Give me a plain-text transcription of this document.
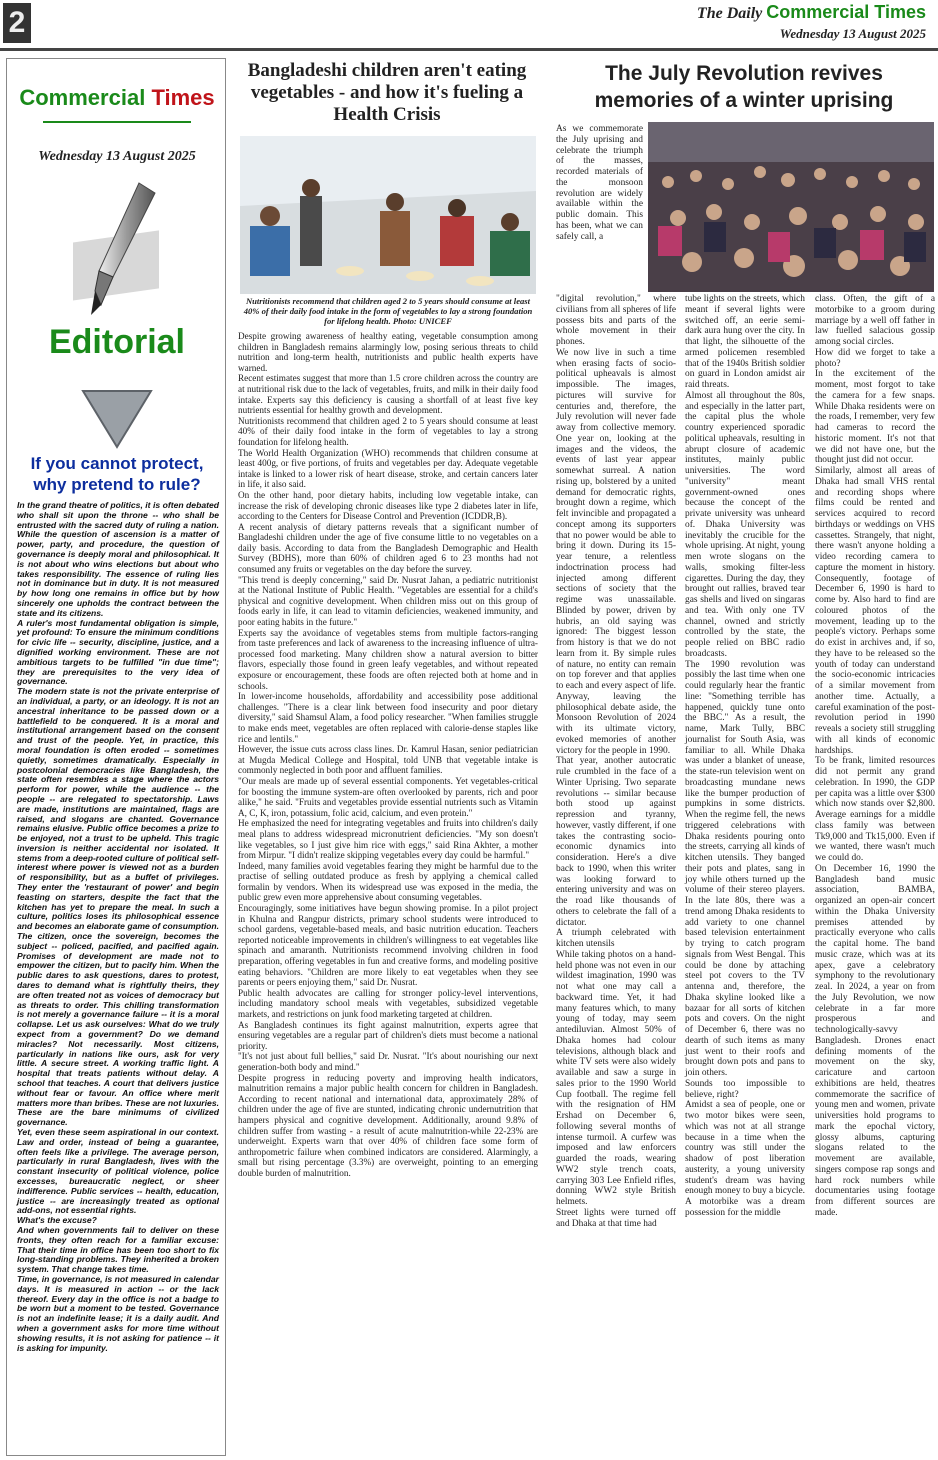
2	The Daily Commercial Times
Wednesday 13 August 2025
Commercial Times
Wednesday 13 August 2025
Editorial
If you cannot protect, why pretend to rule?

In the grand theatre of politics, it is often debated who shall sit upon the throne -- who shall be entrusted with the sacred duty of ruling a nation. While the question of ascension is a matter of power, party, and procedure, the question of governance is deeply moral and philosophical. It is not about who wins elections but about who takes responsibility. The essence of ruling lies not in dominance but in duty. It is not measured by how long one remains in office but by how sincerely one upholds the contract between the state and its citizens.

A ruler's most fundamental obligation is simple, yet profound: To ensure the minimum conditions for civic life -- security, discipline, justice, and a dignified working environment. These are not ambitious targets to be fulfilled "in due time"; they are prerequisites to the very idea of governance.

The modern state is not the private enterprise of an individual, a party, or an ideology. It is not an ancestral inheritance to be passed down or a battlefield to be conquered. It is a moral and institutional arrangement based on the consent and trust of the people. Yet, in practice, this moral foundation is often eroded -- sometimes quietly, sometimes dramatically. Especially in postcolonial democracies like Bangladesh, the state often resembles a stage where the actors perform for power, while the audience -- the people -- are relegated to spectatorship. Laws are made, institutions are maintained, flags are raised, and slogans are chanted. Governance remains elusive. Public office becomes a prize to be enjoyed, not a trust to be upheld. This tragic inversion is neither accidental nor isolated. It stems from a deep-rooted culture of political self-interest where power is viewed not as a burden of responsibility, but as a buffet of privileges. They enter the 'restaurant of power' and begin feasting on starters, despite the fact that the kitchen has yet to prepare the meal. In such a culture, politics loses its philosophical essence and becomes an elaborate game of consumption.

The citizen, once the sovereign, becomes the subject -- policed, pacified, and pacified again. Promises of development are made not to empower the citizen, but to pacify him. When the public dares to ask questions, dares to protest, dares to demand what is rightfully theirs, they are often treated not as voices of democracy but as threats to order. This chilling transformation is not merely a governance failure -- it is a moral collapse. Let us ask ourselves: What do we truly expect from a government? Do we demand miracles? Not necessarily. Most citizens, particularly in nations like ours, ask for very little. A secure street. A working traffic light. A hospital that treats patients without delay. A school that teaches. A court that delivers justice without fear or favour. An office where merit matters more than bribes. These are not luxuries. These are the bare minimums of civilized governance.

Yet, even these seem aspirational in our context. Law and order, instead of being a guarantee, often feels like a privilege. The average person, particularly in rural Bangladesh, lives with the constant insecurity of political violence, police excesses, bureaucratic neglect, or sheer indifference. Public services -- health, education, justice -- are increasingly treated as optional add-ons, not essential rights.

What's the excuse?

And when governments fail to deliver on these fronts, they often reach for a familiar excuse: That their time in office has been too short to fix long-standing problems. They inherited a broken system. That change takes time.

Time, in governance, is not measured in calendar days. It is measured in action -- or the lack thereof. Every day in the office is not a badge to be worn but a moment to be tested. Governance is not an indefinite lease; it is a daily audit. And when a government asks for more time without showing results, it is not asking for patience -- it is asking for impunity.

Bangladeshi children aren't eating vegetables - and how it's fueling a Health Crisis
Nutritionists recommend that children aged 2 to 5 years should consume at least 40% of their daily food intake in the form of vegetables to lay a strong foundation for lifelong health. Photo: UNICEF

Despite growing awareness of healthy eating, vegetable consumption among children in Bangladesh remains alarmingly low, posing serious threats to child nutrition and long-term health, nutritionists and public health experts have warned.

Recent estimates suggest that more than 1.5 crore children across the country are at nutritional risk due to the lack of vegetables, fruits, and milk in their daily food intake. Experts say this deficiency is causing a shortfall of at least five key nutrients essential for healthy growth and development.

Nutritionists recommend that children aged 2 to 5 years should consume at least 40% of their daily food intake in the form of vegetables to lay a strong foundation for lifelong health.

The World Health Organization (WHO) recommends that children consume at least 400g, or five portions, of fruits and vegetables per day. Adequate vegetable intake is linked to a lower risk of heart disease, stroke, and certain cancers later in life, it also said.

On the other hand, poor dietary habits, including low vegetable intake, can increase the risk of developing chronic diseases like type 2 diabetes later in life, according to the Centers for Disease Control and Prevention (ICDDR,B).

A recent analysis of dietary patterns reveals that a significant number of Bangladeshi children under the age of five consume little to no vegetables on a daily basis. According to data from the Bangladesh Demographic and Health Survey (BDHS), more than 60% of children aged 6 to 23 months had not consumed any fruits or vegetables on the day before the survey.

"This trend is deeply concerning," said Dr. Nusrat Jahan, a pediatric nutritionist at the National Institute of Public Health. "Vegetables are essential for a child's physical and cognitive development. When children miss out on this group of foods early in life, it can lead to vitamin deficiencies, weakened immunity, and poor eating habits in the future."

Experts say the avoidance of vegetables stems from multiple factors-ranging from taste preferences and lack of awareness to the increasing influence of ultra-processed food marketing. Many children show a natural aversion to bitter flavors, especially those found in green leafy vegetables, and without repeated exposure or encouragement, these foods are often rejected both at home and in schools.

In lower-income households, affordability and accessibility pose additional challenges. "There is a clear link between food insecurity and poor dietary diversity," said Shamsul Alam, a food policy researcher. "When families struggle to make ends meet, vegetables are often replaced with calorie-dense staples like rice and lentils."

However, the issue cuts across class lines. Dr. Kamrul Hasan, senior pediatrician at Mugda Medical College and Hospital, told UNB that vegetable intake is commonly neglected in both poor and affluent families.

"Our meals are made up of several essential components. Yet vegetables-critical for boosting the immune system-are often overlooked by parents, rich and poor alike," he said. "Fruits and vegetables provide essential nutrients such as Vitamin A, C, K, iron, potassium, folic acid, calcium, and even protein."

He emphasized the need for integrating vegetables and fruits into children's daily meal plans to address widespread micronutrient deficiencies. "My son doesn't like vegetables, so I just give him rice with eggs," said Rina Akhter, a mother from Mirpur. "I didn't realize skipping vegetables every day could be harmful."

Indeed, many families avoid vegetables fearing they might be harmful due to the practise of selling outdated produce as fresh by applying a chemical called formalin by vendors. When its widespread use was exposed in the media, the public grew even more apprehensive about consuming vegetables.

Encouragingly, some initiatives have begun showing promise. In a pilot project in Khulna and Rangpur districts, primary school students were introduced to school gardens, vegetable-based meals, and basic nutrition education. Teachers reported noticeable improvements in children's willingness to eat vegetables like spinach and amaranth. Nutritionists recommend involving children in food preparation, offering vegetables in fun and creative forms, and modeling positive eating behaviors. "Children are more likely to eat vegetables when they see parents or peers enjoying them," said Dr. Nusrat.

Public health advocates are calling for stronger policy-level interventions, including mandatory school meals with vegetables, subsidized vegetable markets, and restrictions on junk food marketing targeted at children.

As Bangladesh continues its fight against malnutrition, experts agree that ensuring vegetables are a regular part of children's diets must become a national priority.

"It's not just about full bellies," said Dr. Nusrat. "It's about nourishing our next generation-both body and mind."

Despite progress in reducing poverty and improving health indicators, malnutrition remains a major public health concern for children in Bangladesh. According to recent national and international data, approximately 28% of children under the age of five are stunted, indicating chronic undernutrition that hampers physical and cognitive development. Additionally, around 9.8% of children suffer from wasting - a result of acute malnutrition-while 22-23% are underweight. Experts warn that over 40% of children face some form of anthropometric failure when combined indicators are considered. Alarmingly, a small but rising percentage (3.3%) are overweight, pointing to an emerging double burden of malnutrition.

The July Revolution revives memories of a winter uprising
As we commemorate the July uprising and celebrate the triumph of the masses, recorded materials of the monsoon revolution are widely available within the public domain. This has been, what we can safely call, a

"digital revolution," where civilians from all spheres of life possess bits and parts of the whole movement in their phones.

We now live in such a time when erasing facts of socio-political upheavals is almost impossible. The images, pictures will survive for centuries and, therefore, the July revolution will never fade away from collective memory. One year on, looking at the images and the videos, the events of last year appear somewhat surreal. A nation rising up, bolstered by a united demand for democratic rights, brought down a regime, which felt invincible and propagated a concept among its supporters that no power would be able to bring it down. During its 15-year tenure, a relentless indoctrination process had injected among different sections of society that the regime was unassailable. Blinded by power, driven by hubris, an old saying was ignored: The biggest lesson from history is that we do not learn from it. By simple rules of nature, no entity can remain on top forever and that applies to each and every aspect of life. Anyway, leaving the philosophical debate aside, the Monsoon Revolution of 2024 with its ultimate victory, evoked memories of another victory for the people in 1990.

That year, another autocratic rule crumbled in the face of a Winter Uprising. Two separate revolutions -- similar because both stood up against repression and tyranny, however, vastly different, if one takes the contrasting socio-economic dynamics into consideration. Here's a dive back to 1990, when this writer was looking forward to entering university and was on the road like thousands of others to celebrate the fall of a dictator.

A triumph celebrated with kitchen utensils

While taking photos on a hand-held phone was not even in our wildest imagination, 1990 was not what one may call a backward time. Yet, it had many features which, to many young of today, may seem antediluvian. Almost 50% of Dhaka homes had colour televisions, although black and white TV sets were also widely available and saw a surge in sales prior to the 1990 World Cup football. The regime fell with the resignation of HM Ershad on December 6, following several months of intense turmoil. A curfew was imposed and law enforcers guarded the roads, wearing WW2 style trench coats, carrying 303 Lee Enfield rifles, donning WW2 style British helmets.

Street lights were turned off and Dhaka at that time had

tube lights on the streets, which meant if several lights were switched off, an eerie semi-dark aura hung over the city. In that light, the silhouette of the armed policemen resembled that of the 1940s British soldier on guard in London amidst air raid threats.

Almost all throughout the 80s, and especially in the latter part, the capital plus the whole country experienced sporadic political upheavals, resulting in abrupt closure of academic institutes, mainly public universities. The word "university" meant government-owned ones because the concept of the private university was unheard of. Dhaka University was inevitably the crucible for the whole uprising. At night, young men wrote slogans on the walls, smoking filter-less cigarettes. During the day, they brought out rallies, braved tear gas shells and lived on singaras and tea. With only one TV channel, owned and strictly controlled by the state, the people relied on BBC radio broadcasts.

The 1990 revolution was possibly the last time when one could regularly hear the frantic line: "Something terrible has happened, quickly tune onto the BBC." As a result, the name, Mark Tully, BBC journalist for South Asia, was familiar to all. While Dhaka was under a blanket of unease, the state-run television went on broadcasting mundane news like the bumper production of pumpkins in some districts. When the regime fell, the news triggered celebrations with Dhaka residents pouring onto the streets, carrying all kinds of kitchen utensils. They banged their pots and plates, sang in joy while others turned up the volume of their stereo players. In the late 80s, there was a trend among Dhaka residents to add variety to one channel based television entertainment by trying to catch program signals from West Bengal. This could be done by attaching steel pot covers to the TV antenna and, therefore, the Dhaka skyline looked like a bazaar for all sorts of kitchen pots and covers. On the night of December 6, there was no dearth of such items as many just went to their roofs and brought down pots and pans to join others.

Sounds too impossible to believe, right?

Amidst a sea of people, one or two motor bikes were seen, which was not at all strange because in a time when the country was still under the shadow of post liberation austerity, a young university student's dream was having enough money to buy a bicycle. A motorbike was a dream possession for the middle

class. Often, the gift of a motorbike to a groom during marriage by a well off father in law fuelled salacious gossip among social circles.

How did we forget to take a photo?

In the excitement of the moment, most forgot to take the camera for a few snaps. While Dhaka residents were on the roads, I remember, very few had cameras to record the historic moment. It's not that we did not have one, but the thought just did not occur.

Similarly, almost all areas of Dhaka had small VHS rental and recording shops where films could be rented and services acquired to record birthdays or weddings on VHS cassettes. Strangely, that night, there wasn't anyone holding a video recording camera to capture the moment in history. Consequently, footage of December 6, 1990 is hard to come by. Also hard to find are coloured photos of the movement, leading up to the people's victory. Perhaps some do exist in archives and, if so, they have to be released so the youth of today can understand the socio-economic intricacies of a similar movement from another time. Actually, a careful examination of the post-revolution period in 1990 reveals a society still struggling with all kinds of economic hardships.

To be frank, limited resources did not permit any grand celebration. In 1990, the GDP per capita was a little over $300 which now stands over $2,800. Average earnings for a middle class family was between Tk9,000 and Tk15,000. Even if we wanted, there wasn't much we could do.

On December 16, 1990 the Bangladesh band music association, BAMBA, organized an open-air concert within the Dhaka University premises attended by practically everyone who calls the capital home. The band music craze, which was at its apex, gave a celebratory symphony to the revolutionary zeal. In 2024, a year on from the July Revolution, we now celebrate in a far more prosperous and technologically-savvy Bangladesh. Drones enact defining moments of the movement on the sky, caricature and cartoon exhibitions are held, theatres commemorate the sacrifice of young men and women, private universities hold programs to mark the epochal victory, glossy albums, capturing slogans related to the movement are available, singers compose rap songs and hard rock numbers while documentaries using footage from different sources are made.
